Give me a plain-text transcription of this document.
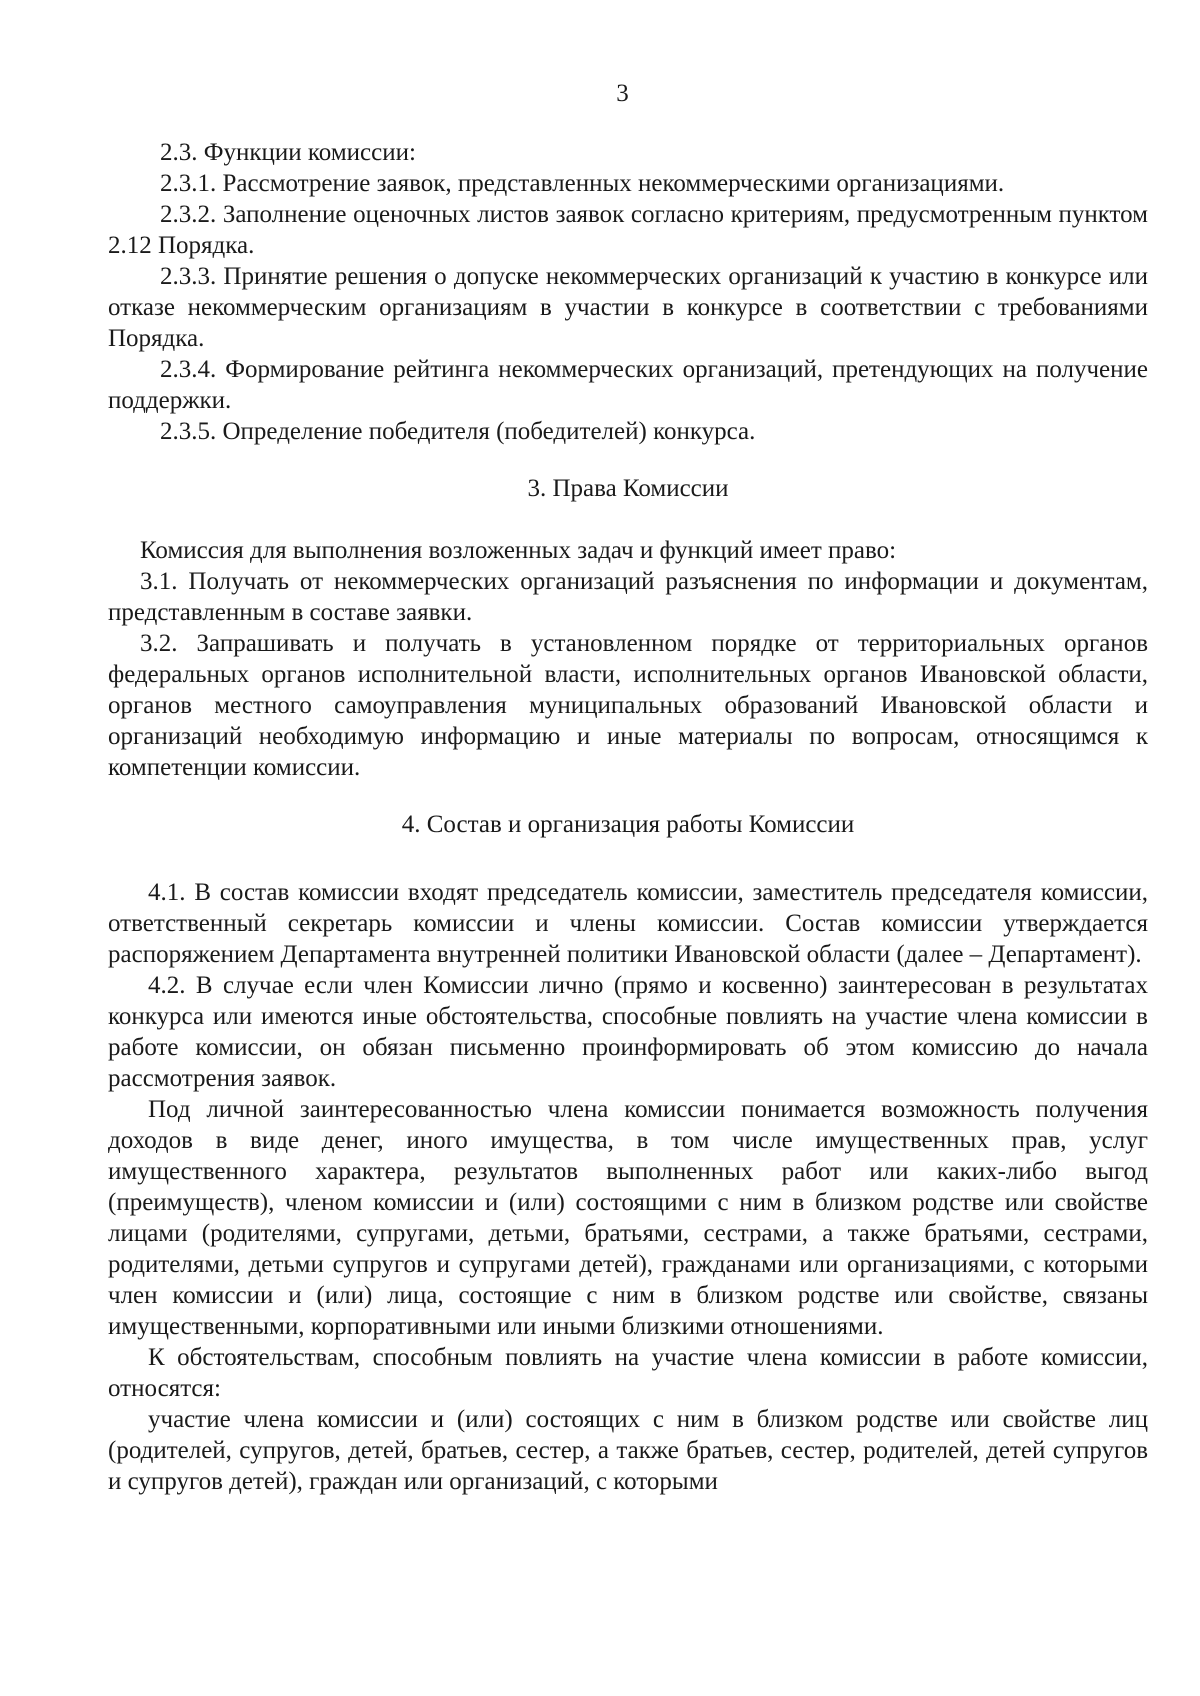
3

2.3. Функции комиссии:

2.3.1. Рассмотрение заявок, представленных некоммерческими организациями.

2.3.2. Заполнение оценочных листов заявок согласно критериям, предусмотренным пунктом 2.12 Порядка.

2.3.3. Принятие решения о допуске некоммерческих организаций к участию в конкурсе или отказе некоммерческим организациям в участии в конкурсе в соответствии с требованиями Порядка.

2.3.4. Формирование рейтинга некоммерческих организаций, претендующих на получение поддержки.

2.3.5. Определение победителя (победителей) конкурса.

3. Права Комиссии

Комиссия для выполнения возложенных задач и функций имеет право:

3.1. Получать от некоммерческих организаций разъяснения по информации и документам, представленным в составе заявки.

3.2. Запрашивать и получать в установленном порядке от территориальных органов федеральных органов исполнительной власти, исполнительных органов Ивановской области, органов местного самоуправления муниципальных образований Ивановской области и организаций необходимую информацию и иные материалы по вопросам, относящимся к компетенции комиссии.

4. Состав и организация работы Комиссии

4.1. В состав комиссии входят председатель комиссии, заместитель председателя комиссии, ответственный секретарь комиссии и члены комиссии. Состав комиссии утверждается распоряжением Департамента внутренней политики Ивановской области (далее – Департамент).

4.2. В случае если член Комиссии лично (прямо и косвенно) заинтересован в результатах конкурса или имеются иные обстоятельства, способные повлиять на участие члена комиссии в работе комиссии, он обязан письменно проинформировать об этом комиссию до начала рассмотрения заявок.

Под личной заинтересованностью члена комиссии понимается возможность получения доходов в виде денег, иного имущества, в том числе имущественных прав, услуг имущественного характера, результатов выполненных работ или каких-либо выгод (преимуществ), членом комиссии и (или) состоящими с ним в близком родстве или свойстве лицами (родителями, супругами, детьми, братьями, сестрами, а также братьями, сестрами, родителями, детьми супругов и супругами детей), гражданами или организациями, с которыми член комиссии и (или) лица, состоящие с ним в близком родстве или свойстве, связаны имущественными, корпоративными или иными близкими отношениями.

К обстоятельствам, способным повлиять на участие члена комиссии в работе комиссии, относятся:

участие члена комиссии и (или) состоящих с ним в близком родстве или свойстве лиц (родителей, супругов, детей, братьев, сестер, а также братьев, сестер, родителей, детей супругов и супругов детей), граждан или организаций, с которыми
